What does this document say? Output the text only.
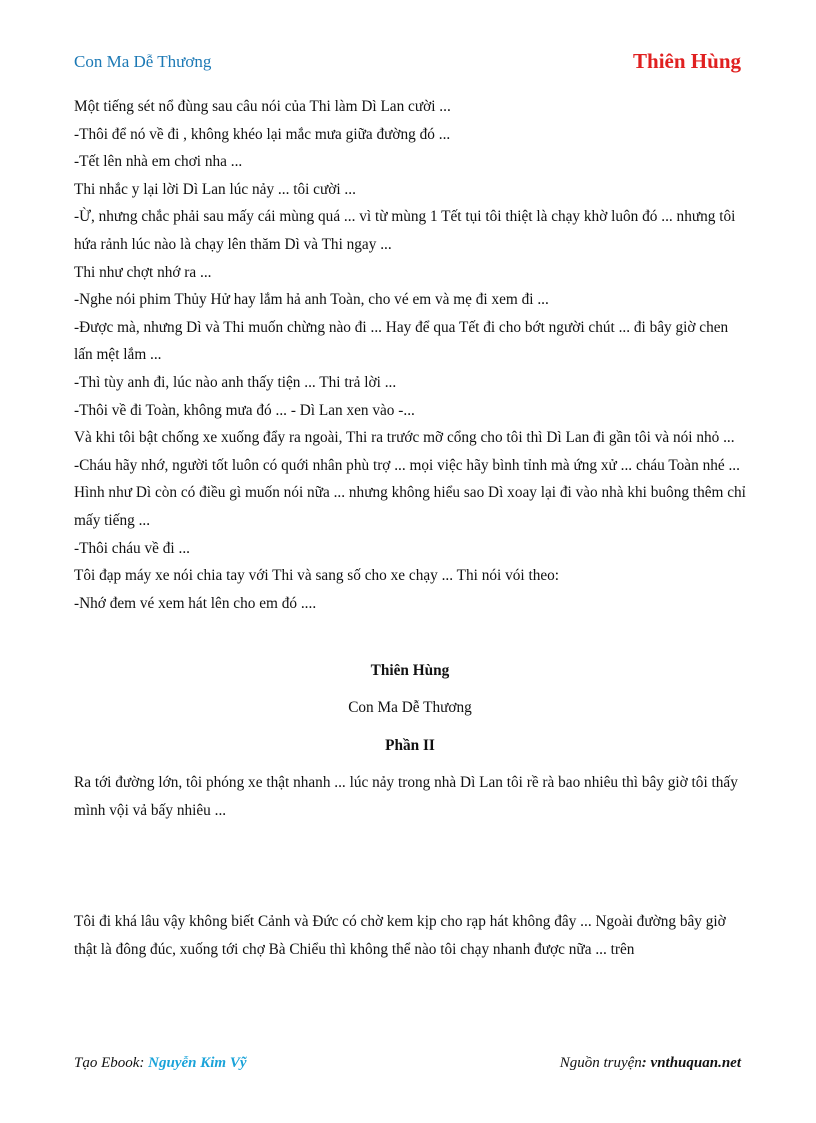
Con Ma Dễ Thương	Thiên Hùng

Một tiếng sét nổ đùng sau câu nói của Thi làm Dì Lan cười ...

-Thôi để nó về đi , không khéo lại mắc mưa giữa đường đó ...

-Tết lên nhà em chơi nha ...

Thi nhắc y lại lời Dì Lan lúc nảy ... tôi cười ...

-Ừ, nhưng chắc phải sau mấy cái mùng quá ... vì từ mùng 1 Tết tụi tôi thiệt là chạy khờ luôn đó ... nhưng tôi hứa rảnh lúc nào là chạy lên thăm Dì và Thi ngay ...

Thi như chợt nhớ ra ...

-Nghe nói phim Thủy Hử hay lắm hả anh Toàn, cho vé em và mẹ đi xem đi ...

-Được mà, nhưng Dì và Thi muốn chừng nào đi ... Hay để qua Tết đi cho bớt người chút ... đi bây giờ chen lấn mệt lắm ...

-Thì tùy anh đi, lúc nào anh thấy tiện ... Thi trả lời ...

-Thôi về đi Toàn, không mưa đó ... - Dì Lan xen vào -...

Và khi tôi bật chống xe xuống đẩy ra ngoài, Thi ra trước mỡ cổng cho tôi thì Dì Lan đi gần tôi và nói nhỏ ...

-Cháu hãy nhớ, người tốt luôn có quới nhân phù trợ ... mọi việc hãy bình tỉnh mà ứng xử ... cháu Toàn nhé ...

Hình như Dì còn có điều gì muốn nói nữa ... nhưng không hiểu sao Dì xoay lại đi vào nhà khi buông thêm chỉ mấy tiếng ...

-Thôi cháu về đi ...

Tôi đạp máy xe nói chia tay với Thi và sang số cho xe chạy ... Thi nói vói theo:

-Nhớ đem vé xem hát lên cho em đó ....

Thiên Hùng

Con Ma Dễ Thương

Phần II

Ra tới đường lớn, tôi phóng xe thật nhanh ... lúc nảy trong nhà Dì Lan tôi rề rà bao nhiêu thì bây giờ tôi thấy mình vội vả bấy nhiêu ...

Tôi đi khá lâu vậy không biết Cảnh và Đức có chờ kem kịp cho rạp hát không đây ... Ngoài đường bây giờ thật là đông đúc, xuống tới chợ Bà Chiểu thì không thể nào tôi chạy nhanh được nữa ... trên

Tạo Ebook: Nguyễn Kim Vỹ	Nguồn truyện: vnthuquan.net
